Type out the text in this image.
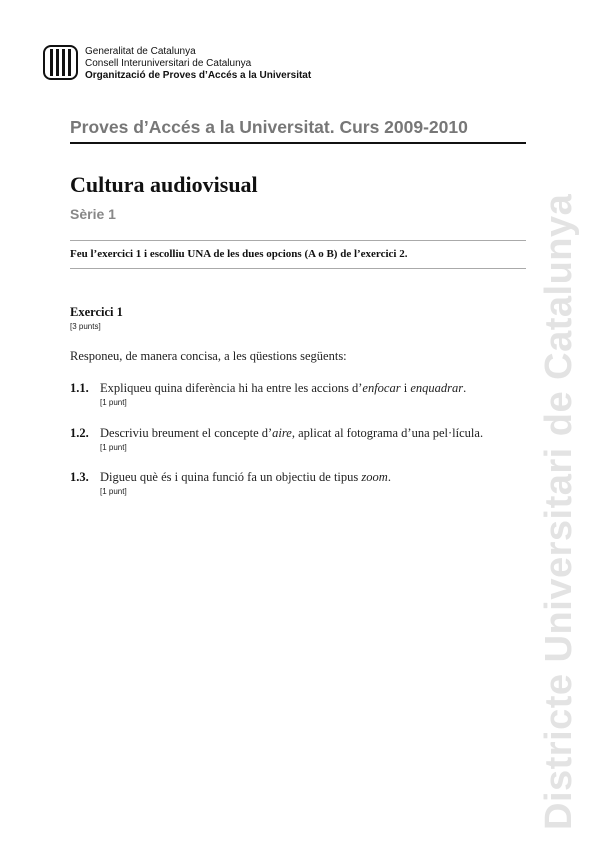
Generalitat de Catalunya
Consell Interuniversitari de Catalunya
Organització de Proves d’Accés a la Universitat
Proves d’Accés a la Universitat. Curs 2009-2010
Cultura audiovisual
Sèrie 1
Feu l’exercici 1 i escolliu UNA de les dues opcions (A o B) de l’exercici 2.
Exercici 1
[3 punts]
Responeu, de manera concisa, a les qüestions següents:
1.1. Expliqueu quina diferència hi ha entre les accions d’enfocar i enquadrar.
[1 punt]
1.2. Descriviu breument el concepte d’aire, aplicat al fotograma d’una pel·lícula.
[1 punt]
1.3. Digueu què és i quina funció fa un objectiu de tipus zoom.
[1 punt]	Districte Universitari de Catalunya
